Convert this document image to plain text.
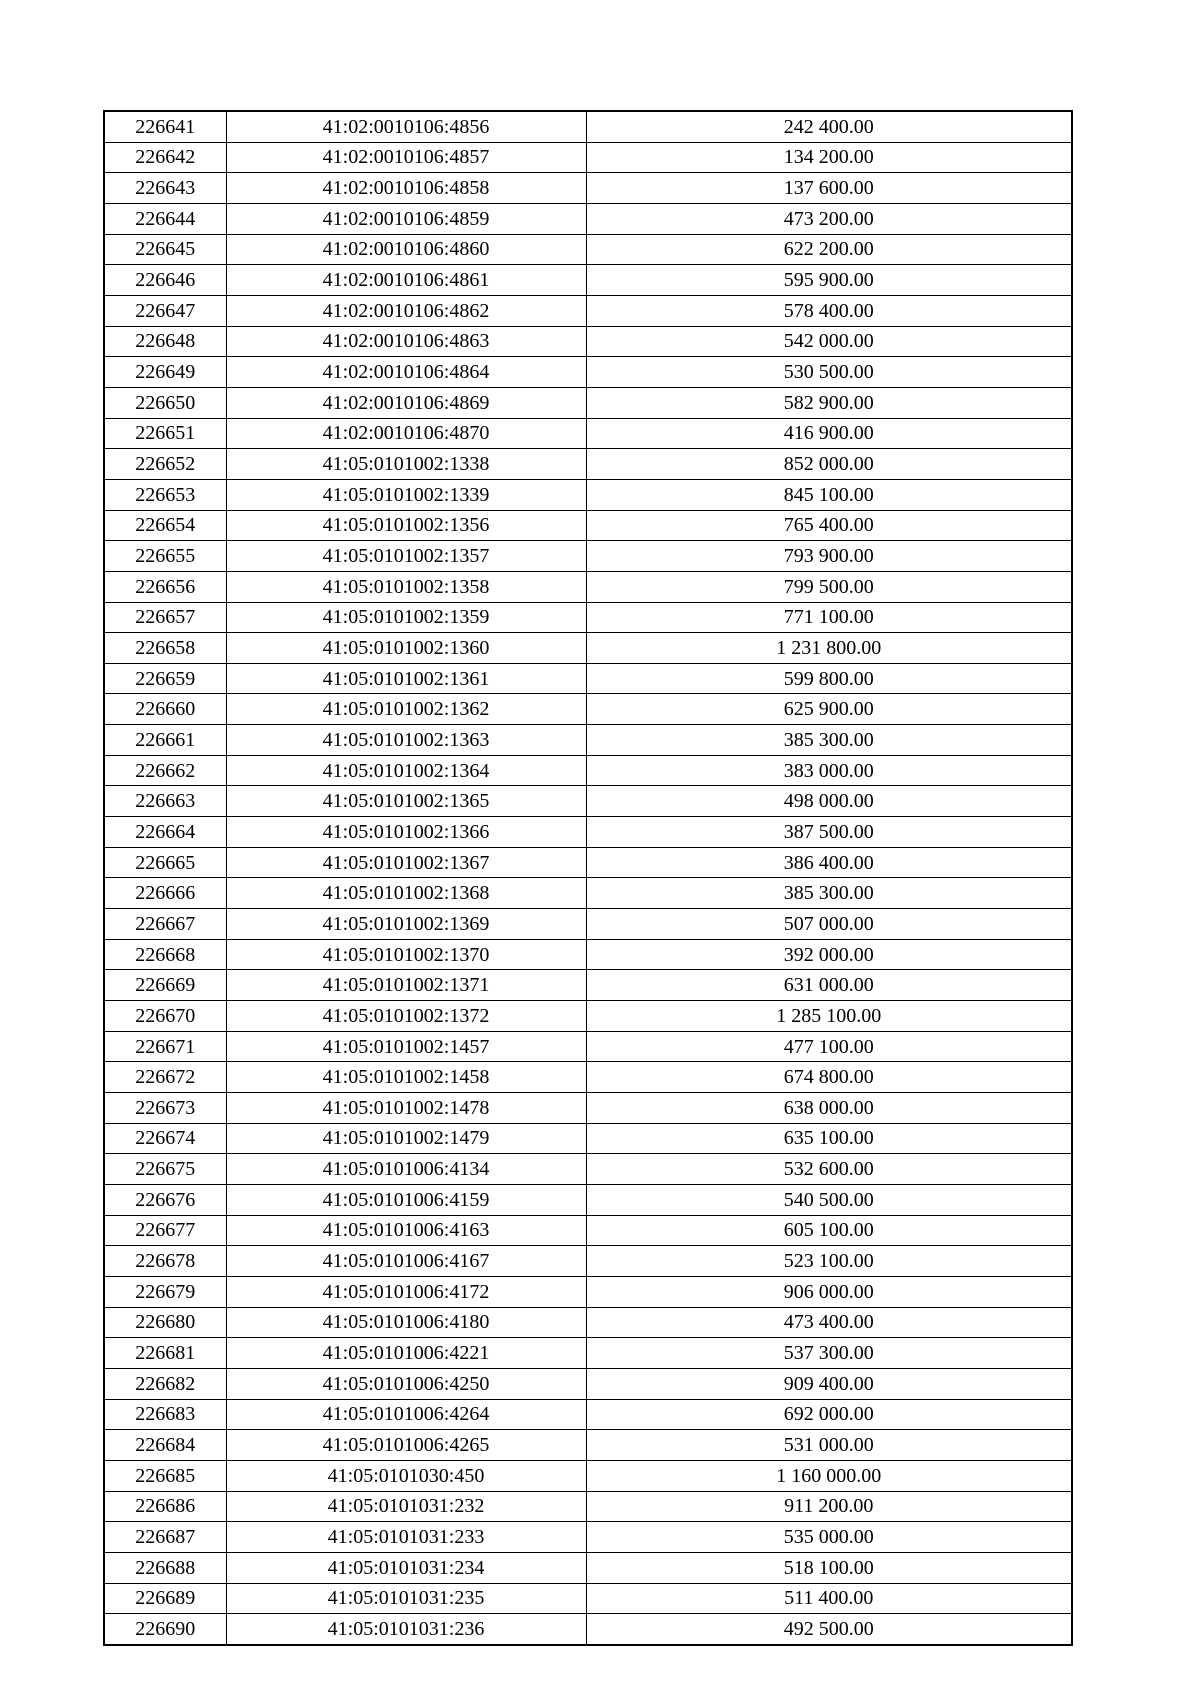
226641	41:02:0010106:4856	242 400.00
226642	41:02:0010106:4857	134 200.00
226643	41:02:0010106:4858	137 600.00
226644	41:02:0010106:4859	473 200.00
226645	41:02:0010106:4860	622 200.00
226646	41:02:0010106:4861	595 900.00
226647	41:02:0010106:4862	578 400.00
226648	41:02:0010106:4863	542 000.00
226649	41:02:0010106:4864	530 500.00
226650	41:02:0010106:4869	582 900.00
226651	41:02:0010106:4870	416 900.00
226652	41:05:0101002:1338	852 000.00
226653	41:05:0101002:1339	845 100.00
226654	41:05:0101002:1356	765 400.00
226655	41:05:0101002:1357	793 900.00
226656	41:05:0101002:1358	799 500.00
226657	41:05:0101002:1359	771 100.00
226658	41:05:0101002:1360	1 231 800.00
226659	41:05:0101002:1361	599 800.00
226660	41:05:0101002:1362	625 900.00
226661	41:05:0101002:1363	385 300.00
226662	41:05:0101002:1364	383 000.00
226663	41:05:0101002:1365	498 000.00
226664	41:05:0101002:1366	387 500.00
226665	41:05:0101002:1367	386 400.00
226666	41:05:0101002:1368	385 300.00
226667	41:05:0101002:1369	507 000.00
226668	41:05:0101002:1370	392 000.00
226669	41:05:0101002:1371	631 000.00
226670	41:05:0101002:1372	1 285 100.00
226671	41:05:0101002:1457	477 100.00
226672	41:05:0101002:1458	674 800.00
226673	41:05:0101002:1478	638 000.00
226674	41:05:0101002:1479	635 100.00
226675	41:05:0101006:4134	532 600.00
226676	41:05:0101006:4159	540 500.00
226677	41:05:0101006:4163	605 100.00
226678	41:05:0101006:4167	523 100.00
226679	41:05:0101006:4172	906 000.00
226680	41:05:0101006:4180	473 400.00
226681	41:05:0101006:4221	537 300.00
226682	41:05:0101006:4250	909 400.00
226683	41:05:0101006:4264	692 000.00
226684	41:05:0101006:4265	531 000.00
226685	41:05:0101030:450	1 160 000.00
226686	41:05:0101031:232	911 200.00
226687	41:05:0101031:233	535 000.00
226688	41:05:0101031:234	518 100.00
226689	41:05:0101031:235	511 400.00
226690	41:05:0101031:236	492 500.00
